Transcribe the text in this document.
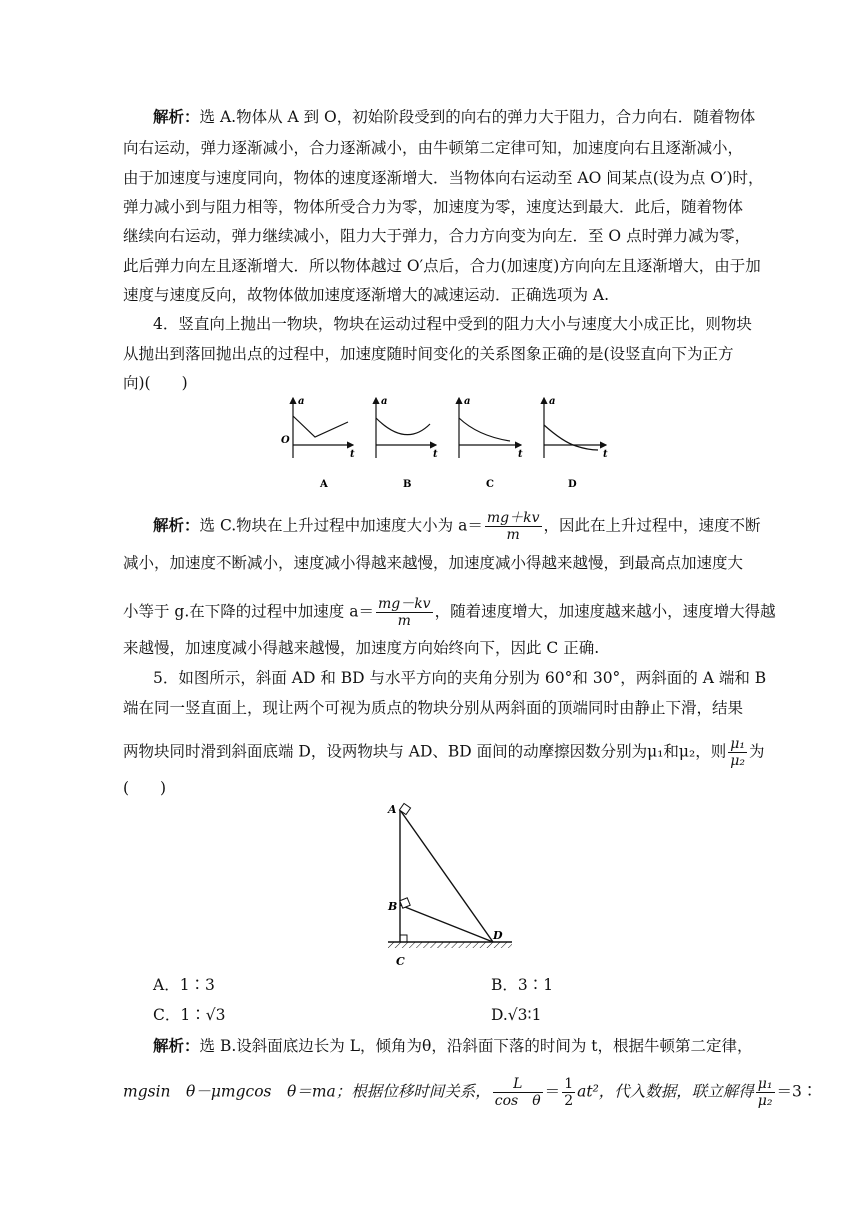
解析：选 A.物体从 A 到 O，初始阶段受到的向右的弹力大于阻力，合力向右．随着物体
向右运动，弹力逐渐减小，合力逐渐减小，由牛顿第二定律可知，加速度向右且逐渐减小，
由于加速度与速度同向，物体的速度逐渐增大．当物体向右运动至 AO 间某点(设为点 O′)时，
弹力减小到与阻力相等，物体所受合力为零，加速度为零，速度达到最大．此后，随着物体
继续向右运动，弹力继续减小，阻力大于弹力，合力方向变为向左．至 O 点时弹力减为零，
此后弹力向左且逐渐增大．所以物体越过 O′点后，合力(加速度)方向向左且逐渐增大，由于加
速度与速度反向，故物体做加速度逐渐增大的减速运动．正确选项为 A.
4．竖直向上抛出一物块，物块在运动过程中受到的阻力大小与速度大小成正比，则物块
从抛出到落回抛出点的过程中，加速度随时间变化的关系图象正确的是(设竖直向下为正方
向)(　　)
a
O
t
A
a
t
B
a
t
C
a
t
D
解析：选 C.物块在上升过程中加速度大小为 $a= \frac{mg+kv}{m}$ ，因此在上升过程中，速度不断
减小，加速度不断减小，速度减小得越来越慢，加速度减小得越来越慢，到最高点加速度大
小等于 g.在下降的过程中加速度 $a= \frac{mg-kv}{m}$ ，随着速度增大，加速度越来越小，速度增大得越
来越慢，加速度减小得越来越慢，加速度方向始终向下，因此 C 正确.
5．如图所示，斜面 AD 和 BD 与水平方向的夹角分别为 60°和 30°，两斜面的 A 端和 B
端在同一竖直面上，现让两个可视为质点的物块分别从两斜面的顶端同时由静止下滑，结果
两物块同时滑到斜面底端 D，设两物块与 AD、BD 面间的动摩擦因数分别为μ₁和μ₂，则 $\frac{\text{μ₁}}{\text{μ₂}}$ 为
(　　)
A
B
C
D
A．1∶3	B．3∶1
C．1∶√3	D.√3∶1
解析：选 B.设斜面底边长为 L，倾角为θ，沿斜面下落的时间为 t，根据牛顿第二定律，
mgsin　θ－μmgcos　θ＝ma；根据位移时间关系， $\frac{L}{\text{cos　θ}} = \frac{1}{2} at^2$，代入数据，联立解得 $\frac{\text{μ₁}}{\text{μ₂}}$ ＝3∶
